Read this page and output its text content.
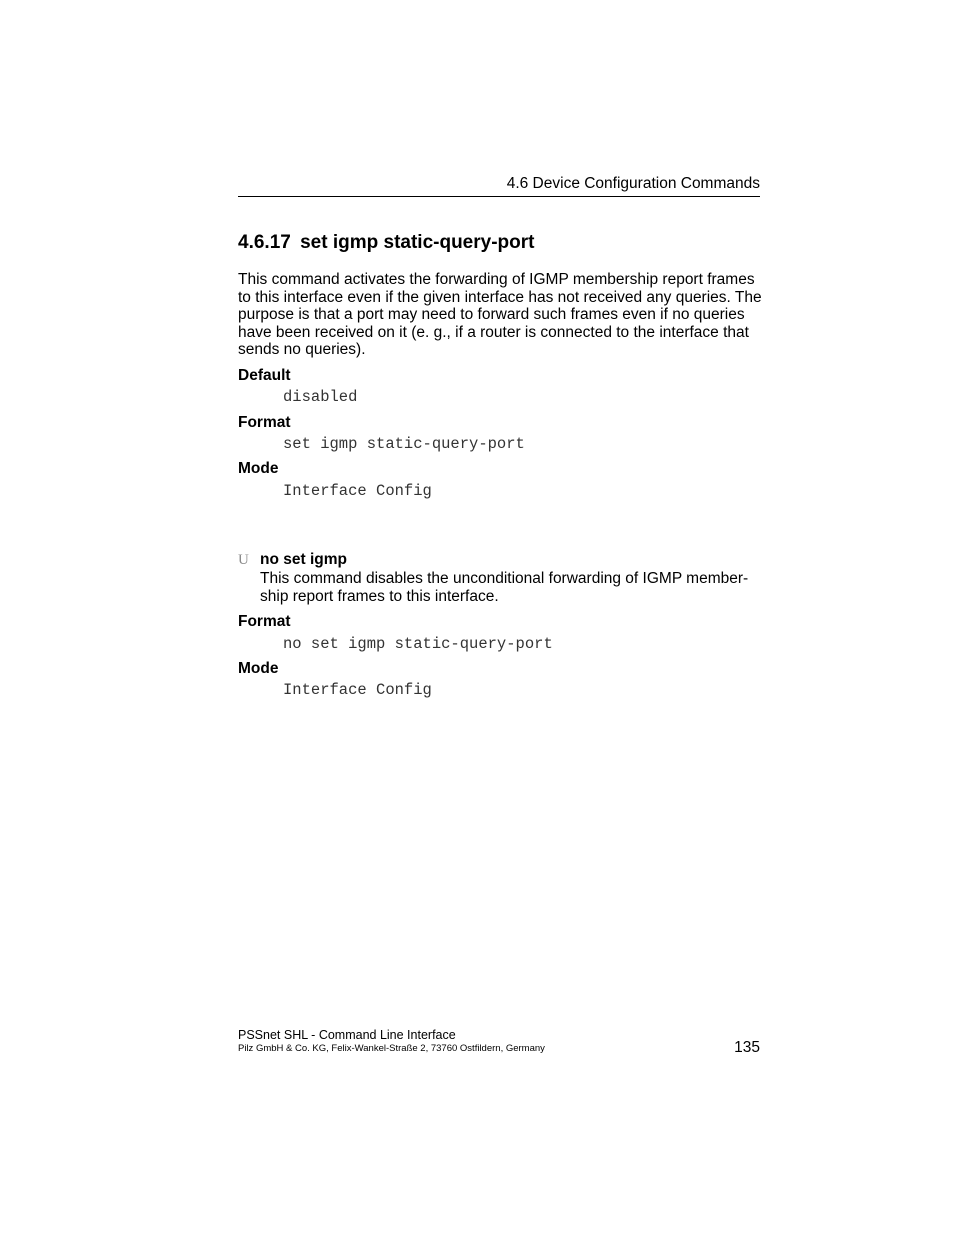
4.6 Device Configuration Commands
4.6.17 set igmp static-query-port

This command activates the forwarding of IGMP membership report frames to this interface even if the given interface has not received any queries. The purpose is that a port may need to forward such frames even if no queries have been received on it (e. g., if a router is connected to the interface that sends no queries).

Default
disabled
Format
set igmp static-query-port
Mode
Interface Config
U no set igmp

This command disables the unconditional forwarding of IGMP member-ship report frames to this interface.

Format
no set igmp static-query-port
Mode
Interface Config
PSSnet SHL - Command Line Interface
Pilz GmbH & Co. KG, Felix-Wankel-Straße 2, 73760 Ostfildern, Germany	135
